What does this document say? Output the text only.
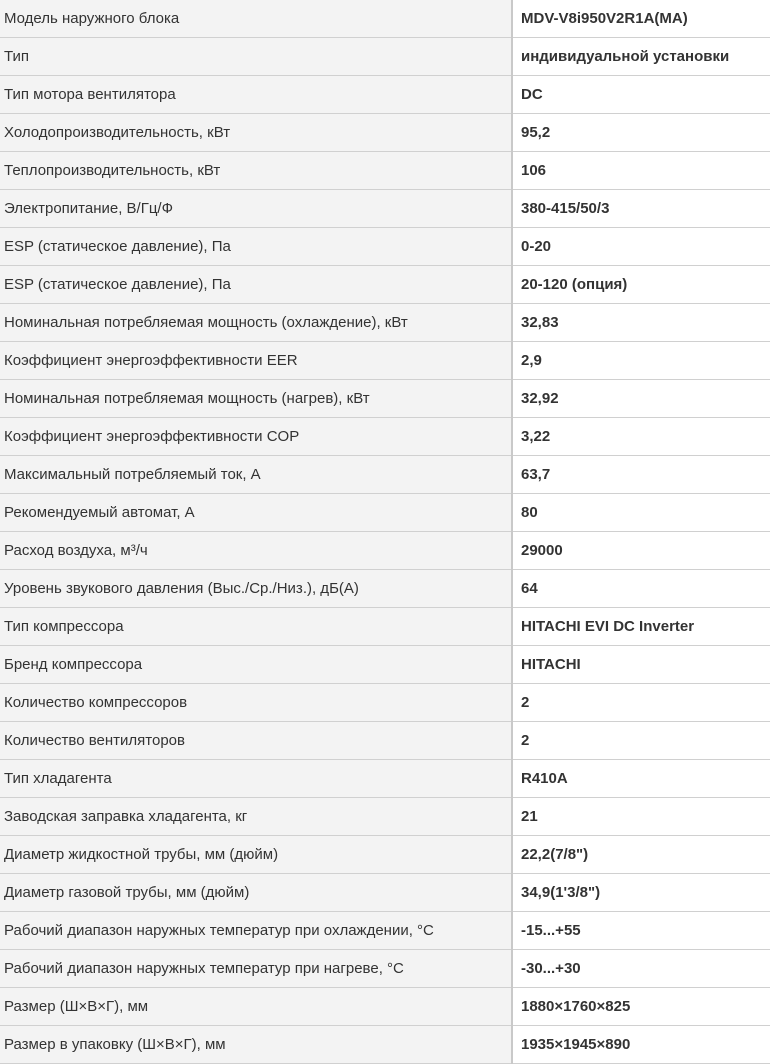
Модель наружного блока	MDV-V8i950V2R1A(MA)
Тип	индивидуальной установки
Тип мотора вентилятора	DC
Холодопроизводительность, кВт	95,2
Теплопроизводительность, кВт	106
Электропитание, В/Гц/Ф	380-415/50/3
ESP (статическое давление), Па	0-20
ESP (статическое давление), Па	20-120 (опция)
Номинальная потребляемая мощность (охлаждение), кВт	32,83
Коэффициент энергоэффективности EER	2,9
Номинальная потребляемая мощность (нагрев), кВт	32,92
Коэффициент энергоэффективности COP	3,22
Максимальный потребляемый ток, А	63,7
Рекомендуемый автомат, А	80
Расход воздуха, м³/ч	29000
Уровень звукового давления (Выс./Ср./Низ.), дБ(А)	64
Тип компрессора	HITACHI EVI DC Inverter
Бренд компрессора	HITACHI
Количество компрессоров	2
Количество вентиляторов	2
Тип хладагента	R410A
Заводская заправка хладагента, кг	21
Диаметр жидкостной трубы, мм (дюйм)	22,2(7/8")
Диаметр газовой трубы, мм (дюйм)	34,9(1'3/8")
Рабочий диапазон наружных температур при охлаждении, °С	-15...+55
Рабочий диапазон наружных температур при нагреве, °С	-30...+30
Размер (Ш×В×Г), мм	1880×1760×825
Размер в упаковку (Ш×В×Г), мм	1935×1945×890
